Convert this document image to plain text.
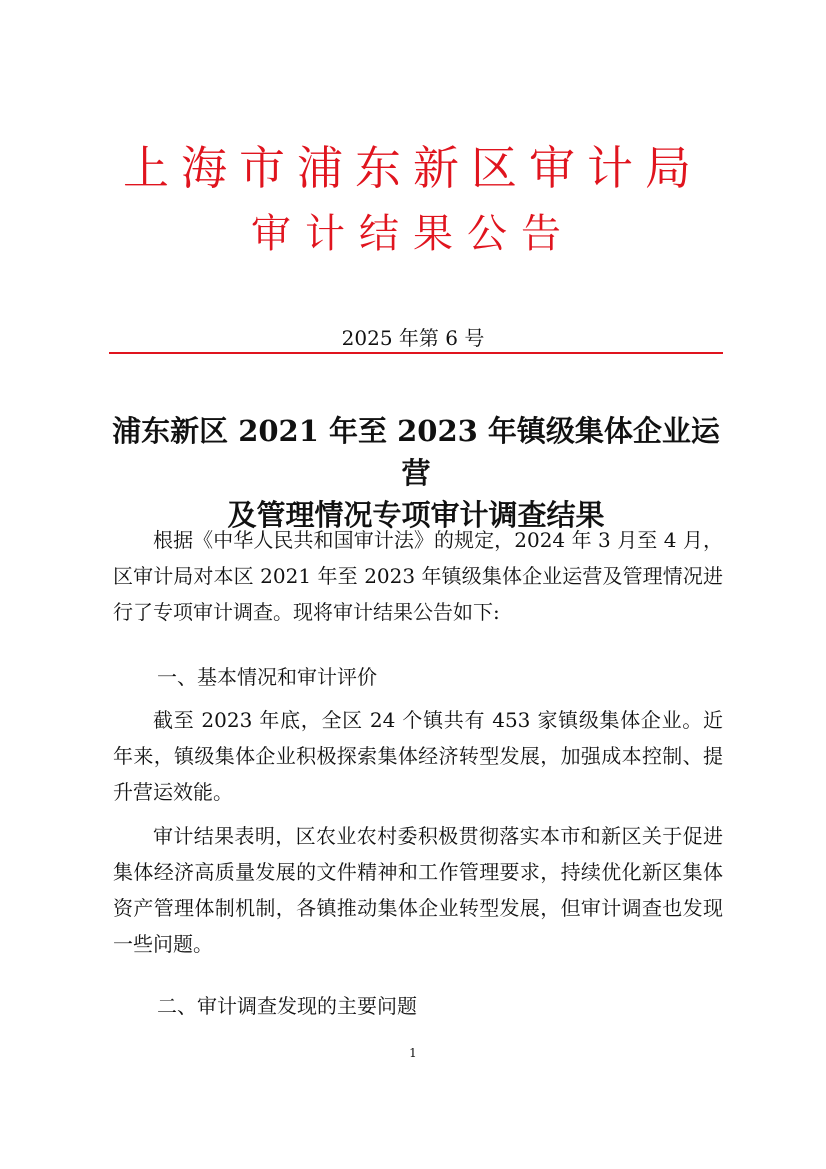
上海市浦东新区审计局
审计结果公告
2025 年第 6 号
浦东新区 2021 年至 2023 年镇级集体企业运营
及管理情况专项审计调查结果

根据《中华人民共和国审计法》的规定，2024 年 3 月至 4 月，区审计局对本区 2021 年至 2023 年镇级集体企业运营及管理情况进行了专项审计调查。现将审计结果公告如下:

一、基本情况和审计评价

截至 2023 年底，全区 24 个镇共有 453 家镇级集体企业。近年来，镇级集体企业积极探索集体经济转型发展，加强成本控制、提升营运效能。

审计结果表明，区农业农村委积极贯彻落实本市和新区关于促进集体经济高质量发展的文件精神和工作管理要求，持续优化新区集体资产管理体制机制，各镇推动集体企业转型发展，但审计调查也发现一些问题。

二、审计调查发现的主要问题
1
